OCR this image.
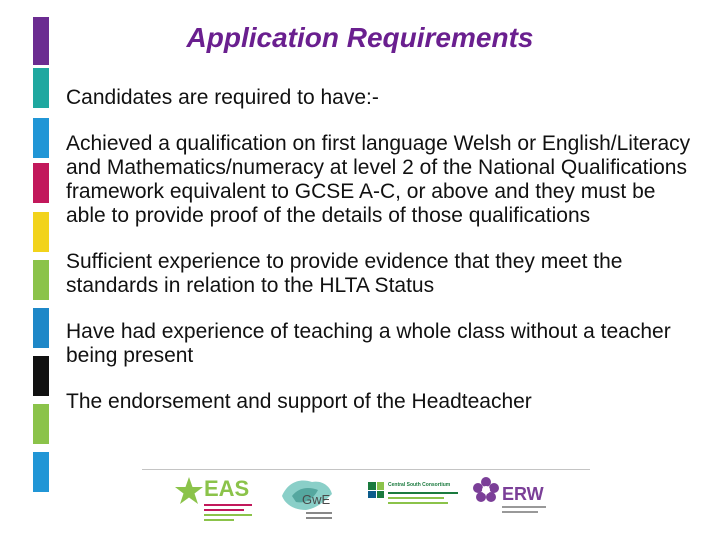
Application Requirements

Candidates are required to have:-

Achieved a qualification on first language Welsh or English/Literacy and Mathematics/numeracy at level 2 of the National Qualifications framework equivalent to GCSE A-C, or above and they must be able to provide proof of the details of those qualifications

Sufficient experience to provide evidence that they meet the standards in relation to the HLTA Status

Have had experience of teaching a whole class without a teacher being present

The endorsement and support of the Headteacher

EAS	GwE
Central South Consortium	ERW
